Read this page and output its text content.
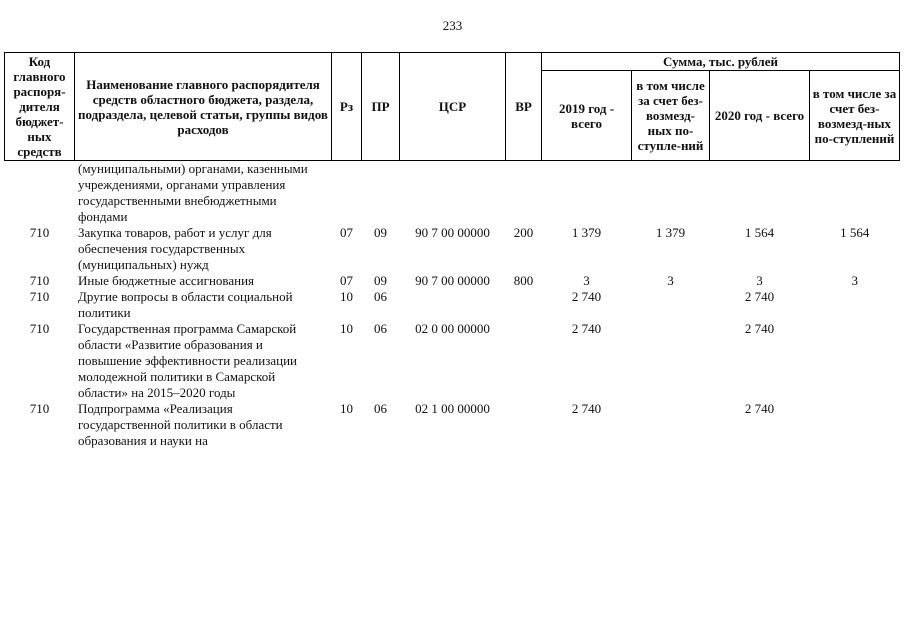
233
Код главного распоря-дителя бюджет-ных средств	Наименование главного распорядителя средств областного бюджета, раздела, подраздела, целевой статьи, группы видов расходов	Рз	ПР	ЦСР	ВР	Сумма, тыс. рублей			
						2019 год - всего	в том числе за счет без-возмезд-ных по-ступле-ний	2020 год - всего	в том числе за счет без-возмезд-ных по-ступлений
	(муниципальными) органами, казенными учреждениями, органами управления государственными внебюджетными фондами								
710	Закупка товаров, работ и услуг для обеспечения государственных (муниципальных) нужд	07	09	90 7 00 00000	200	1 379	1 379	1 564	1 564
710	Иные бюджетные ассигнования	07	09	90 7 00 00000	800	3	3	3	3
710	Другие вопросы в области социальной политики	10	06			2 740		2 740	
710	Государственная программа Самарской области «Развитие образования и повышение эффективности реализации молодежной политики в Самарской области» на 2015–2020 годы	10	06	02 0 00 00000		2 740		2 740	
710	Подпрограмма «Реализация государственной политики в области образования и науки на	10	06	02 1 00 00000		2 740		2 740	
